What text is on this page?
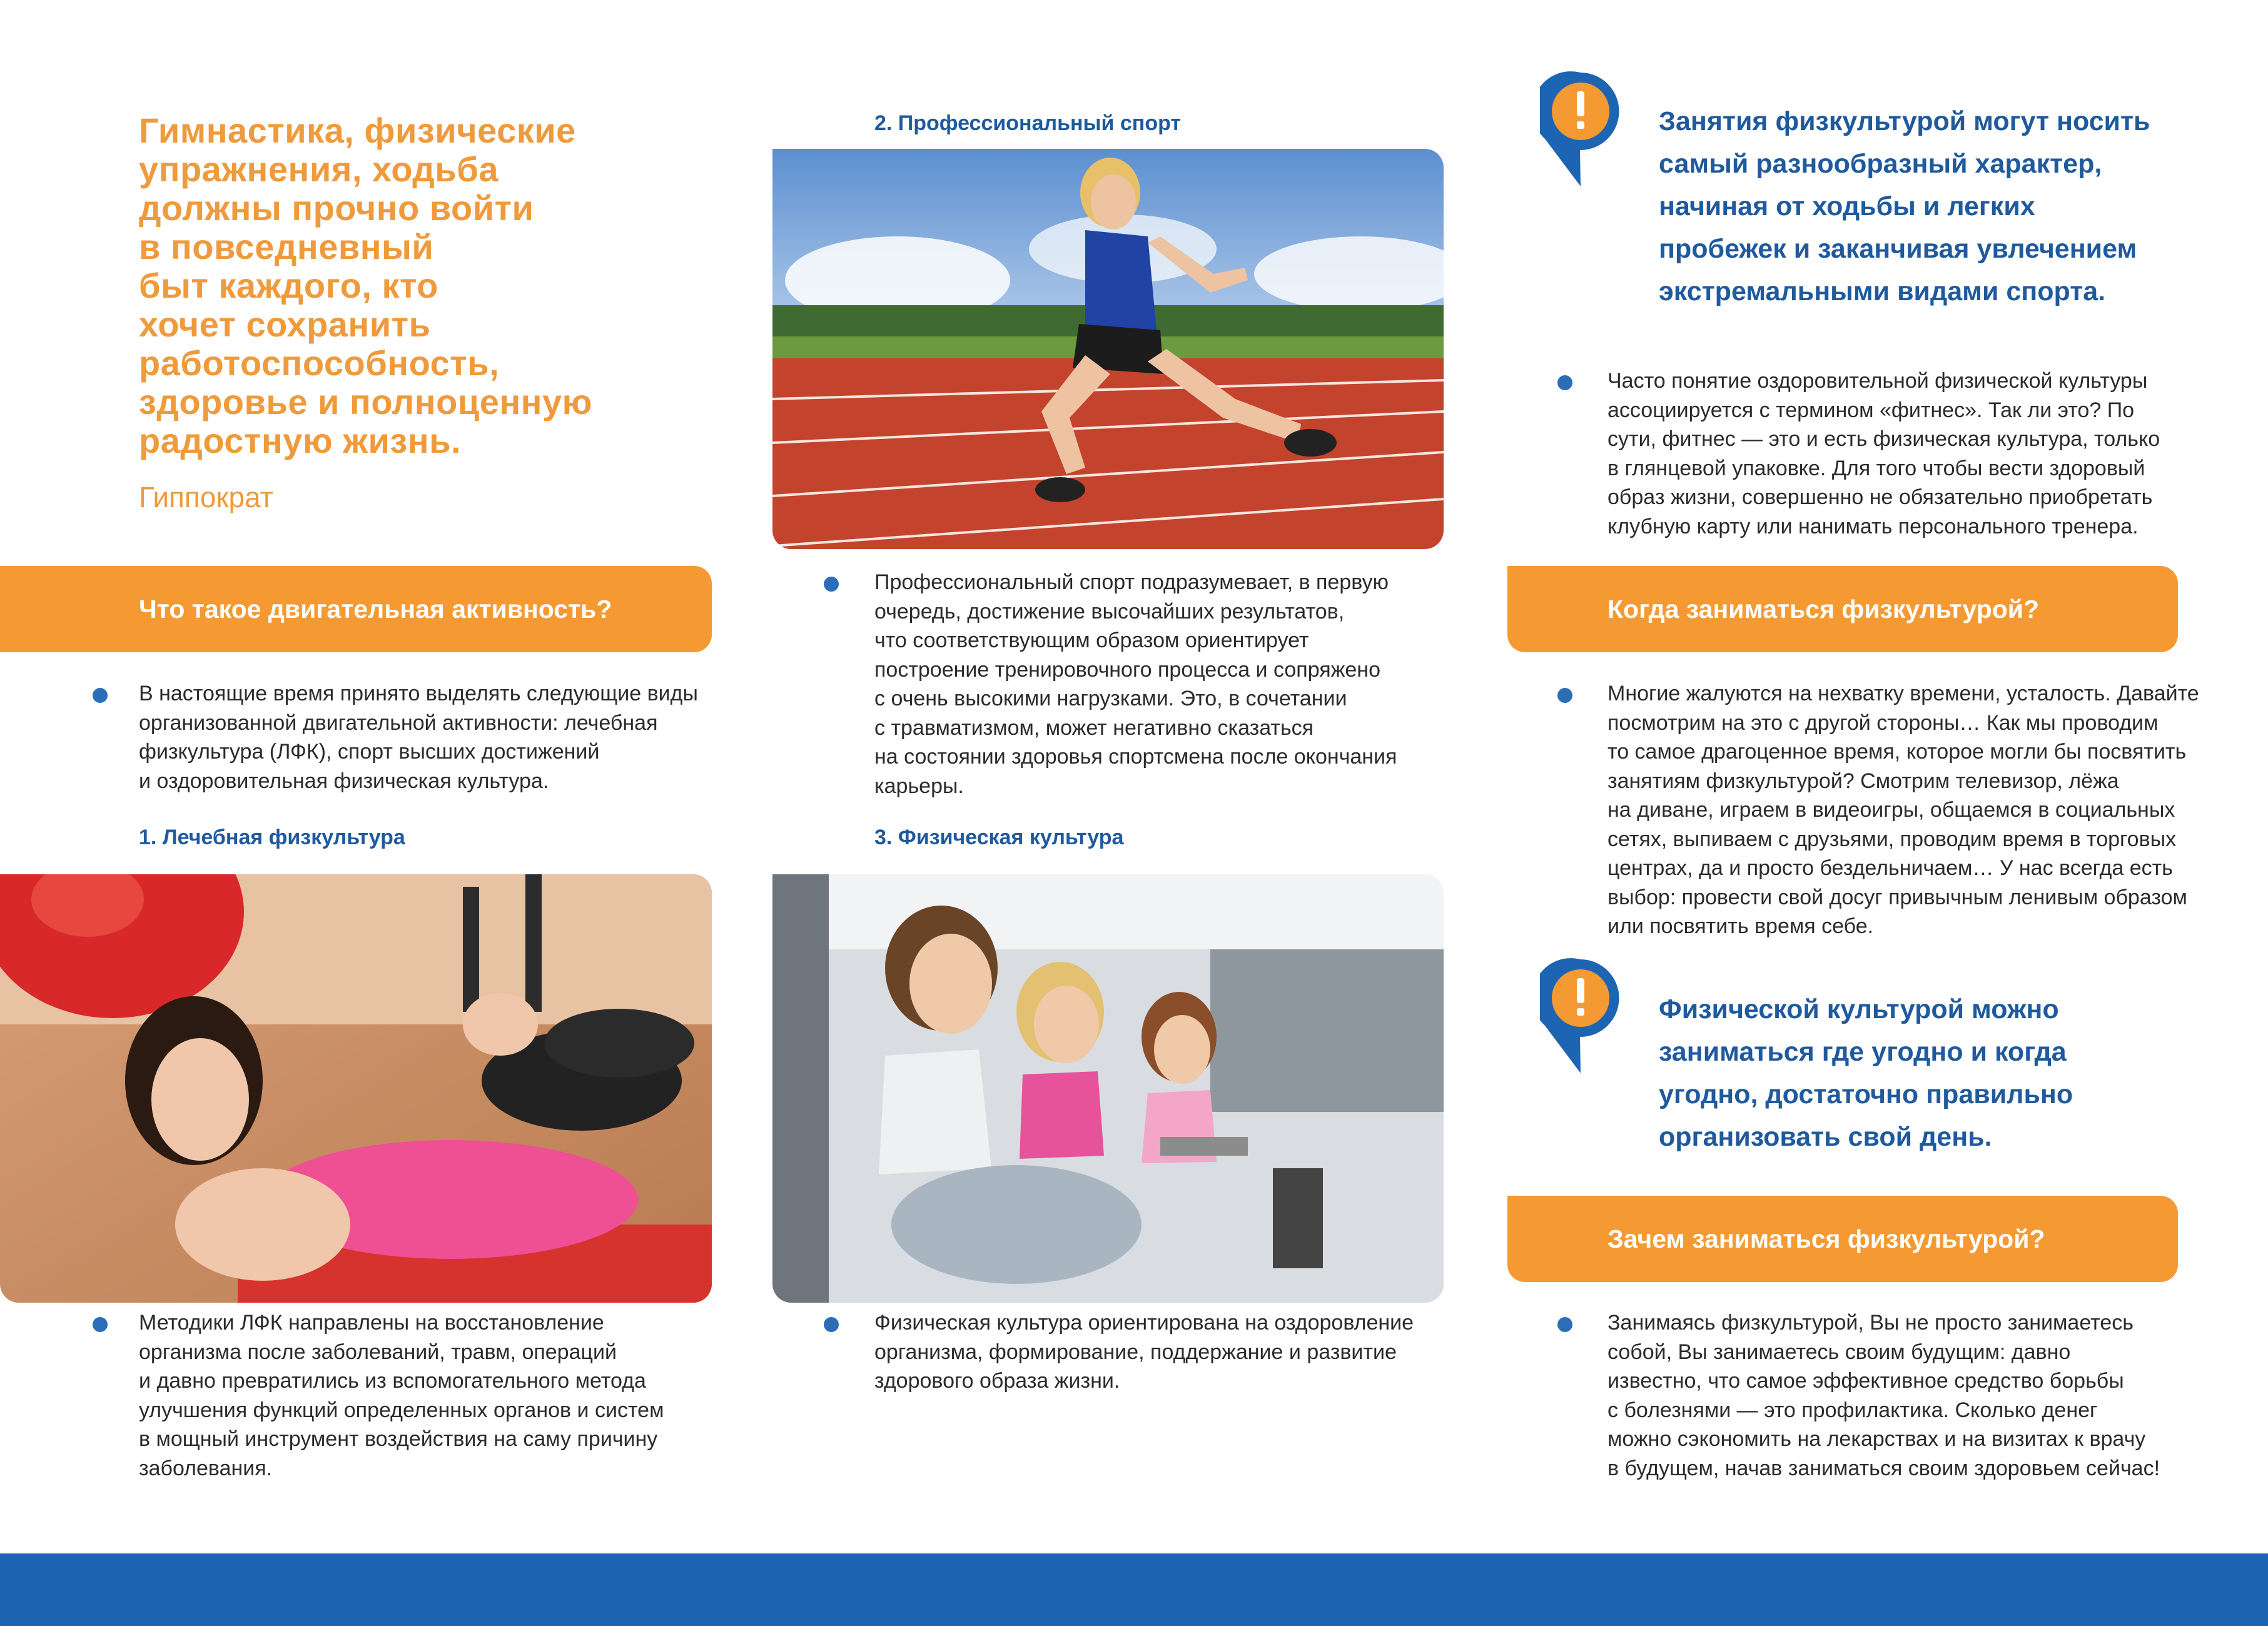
Гимнастика, физические
упражнения, ходьба
должны прочно войти
в повседневный
быт каждого, кто
хочет сохранить
работоспособность,
здоровье и полноценную
радостную жизнь.
Гиппократ
Что такое двигательная активность?
В настоящие время принято выделять следующие виды
организованной двигательной активности: лечебная
физкультура (ЛФК), спорт высших достижений
и оздоровительная физическая культура.
1. Лечебная физкультура
Методики ЛФК направлены на восстановление
организма после заболеваний, травм, операций
и давно превратились из вспомогательного метода
улучшения функций определенных органов и систем
в мощный инструмент воздействия на саму причину
заболевания.
2. Профессиональный спорт
Профессиональный спорт подразумевает, в первую
очередь, достижение высочайших результатов,
что соответствующим образом ориентирует
построение тренировочного процесса и сопряжено
с очень высокими нагрузками. Это, в сочетании
с травматизмом, может негативно сказаться
на состоянии здоровья спортсмена после окончания
карьеры.
3. Физическая культура
Физическая культура ориентирована на оздоровление
организма, формирование, поддержание и развитие
здорового образа жизни.
Занятия физкультурой могут носить
самый разнообразный характер,
начиная от ходьбы и легких
пробежек и заканчивая увлечением
экстремальными видами спорта.
Часто понятие оздоровительной физической культуры
ассоциируется с термином «фитнес». Так ли это? По
сути, фитнес — это и есть физическая культура, только
в глянцевой упаковке. Для того чтобы вести здоровый
образ жизни, совершенно не обязательно приобретать
клубную карту или нанимать персонального тренера.
Когда заниматься физкультурой?
Многие жалуются на нехватку времени, усталость. Давайте
посмотрим на это с другой стороны… Как мы проводим
то самое драгоценное время, которое могли бы посвятить
занятиям физкультурой? Смотрим телевизор, лёжа
на диване, играем в видеоигры, общаемся в социальных
сетях, выпиваем с друзьями, проводим время в торговых
центрах, да и просто бездельничаем… У нас всегда есть
выбор: провести свой досуг привычным ленивым образом
или посвятить время себе.
Физической культурой можно
заниматься где угодно и когда
угодно, достаточно правильно
организовать свой день.
Зачем заниматься физкультурой?
Занимаясь физкультурой, Вы не просто занимаетесь
собой, Вы занимаетесь своим будущим: давно
известно, что самое эффективное средство борьбы
с болезнями — это профилактика. Сколько денег
можно сэкономить на лекарствах и на визитах к врачу
в будущем, начав заниматься своим здоровьем сейчас!
